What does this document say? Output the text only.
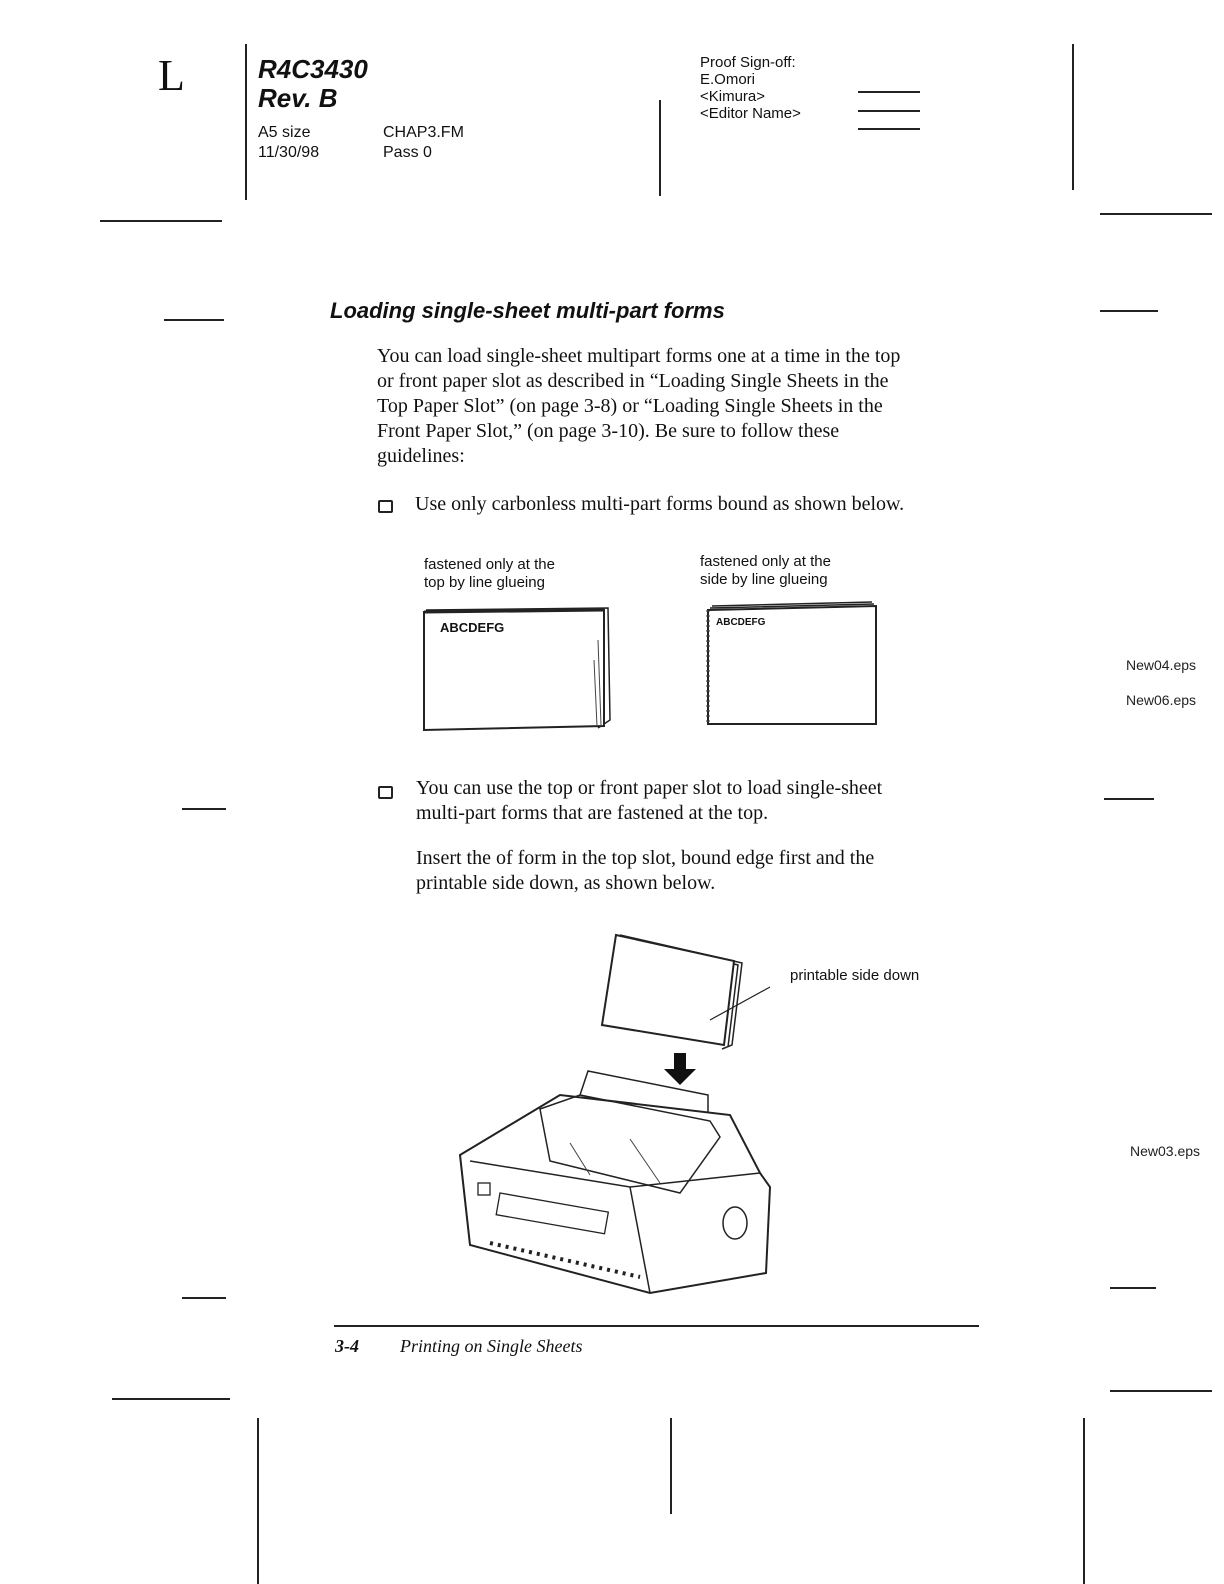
L	R4C3430
Rev. B
A5 size
11/30/98
CHAP3.FM
Pass 0
Proof Sign-off:
E.Omori
<Kimura>
<Editor Name>
Loading single-sheet multi-part forms
You can load single-sheet multipart forms one at a time in the top
or front paper slot as described in “Loading Single Sheets in the
Top Paper Slot” (on page 3-8) or “Loading Single Sheets in the
Front Paper Slot,” (on page 3-10). Be sure to follow these
guidelines:
Use only carbonless multi-part forms bound as shown below.
fastened only at the
top by line glueing
fastened only at the
side by line glueing
ABCDEFG	ABCDEFG
New04.eps
New06.eps
New03.eps
You can use the top or front paper slot to load single-sheet
multi-part forms that are fastened at the top.
Insert the of form in the top slot, bound edge first and the
printable side down, as shown below.
printable side down
3-4 Printing on Single Sheets
